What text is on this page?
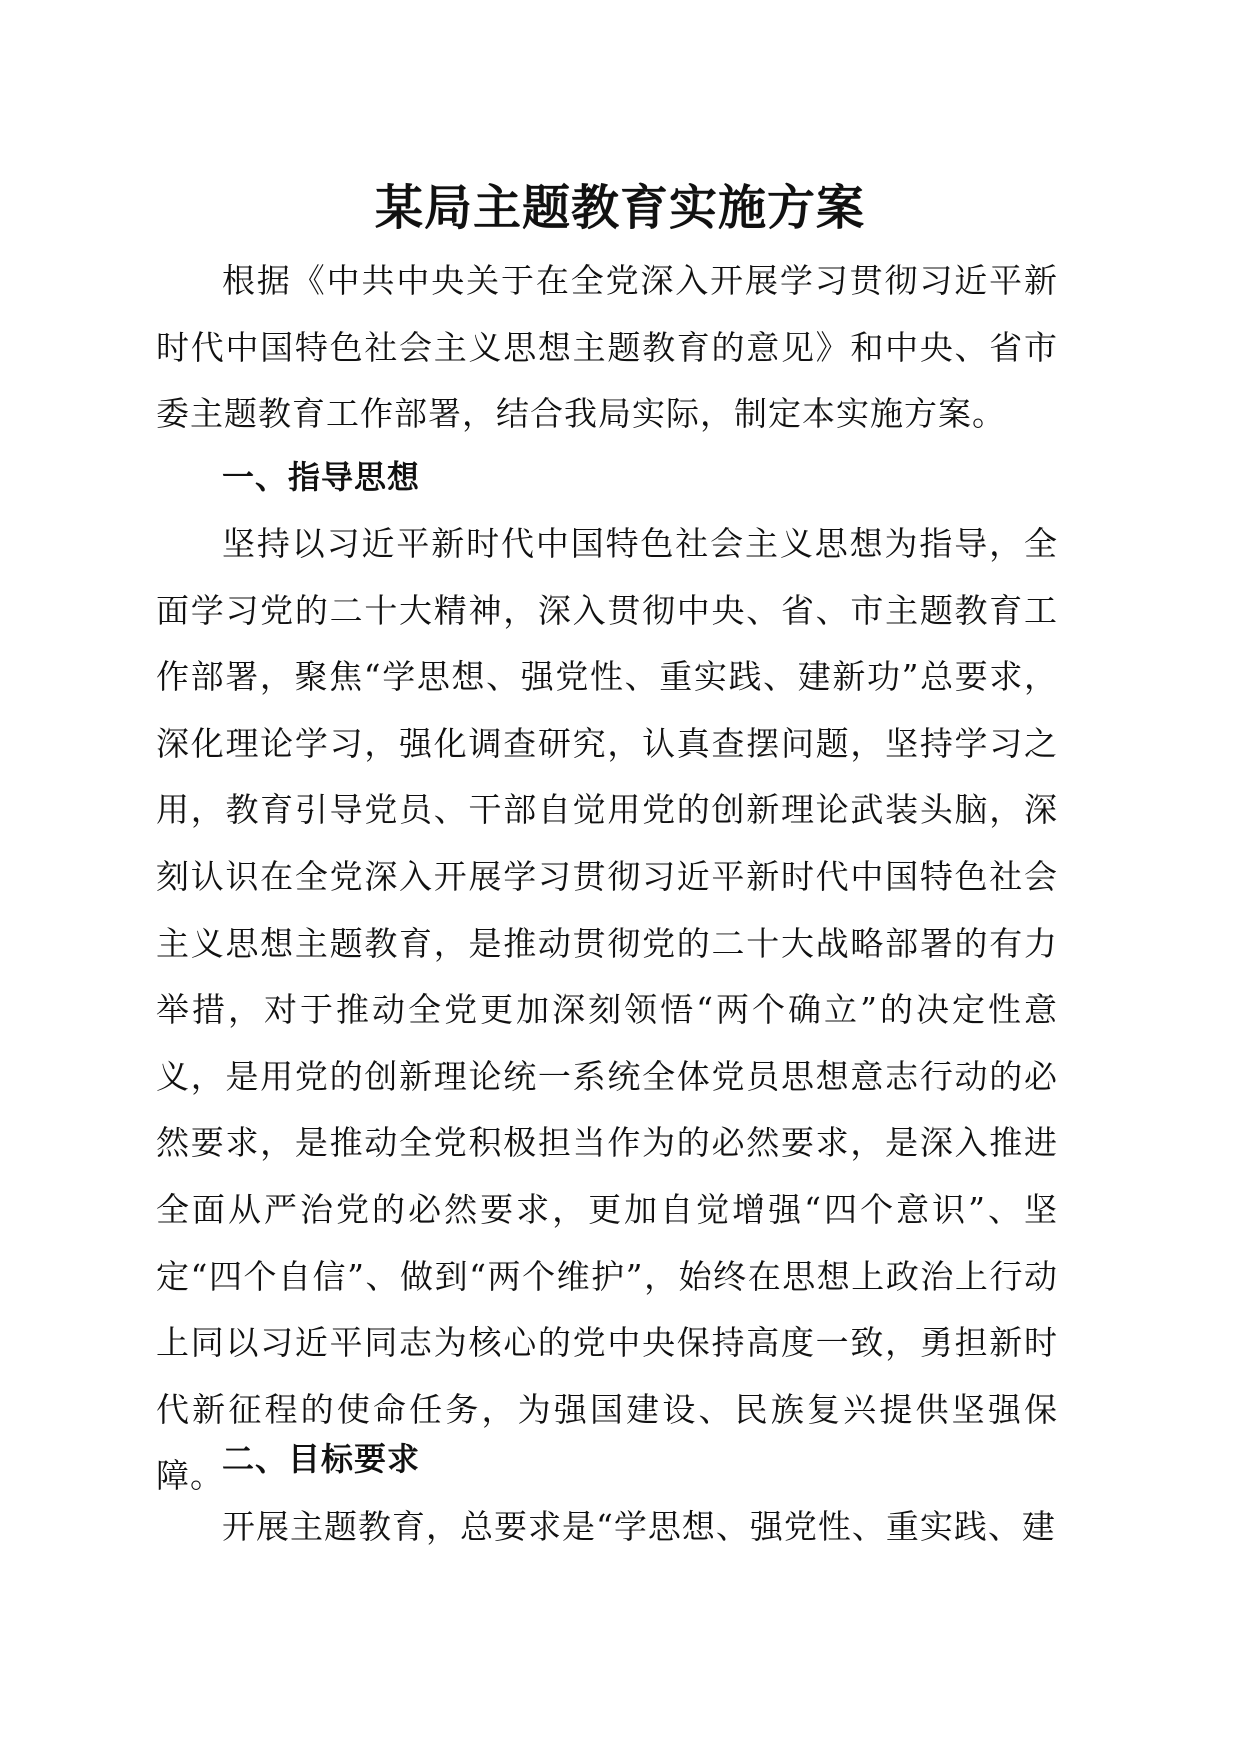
某局主题教育实施方案
根据《中共中央关于在全党深入开展学习贯彻习近平新时代中国特色社会主义思想主题教育的意见》和中央、省市委主题教育工作部署，结合我局实际，制定本实施方案。
一、指导思想
坚持以习近平新时代中国特色社会主义思想为指导，全面学习党的二十大精神，深入贯彻中央、省、市主题教育工作部署，聚焦“学思想、强党性、重实践、建新功”总要求，深化理论学习，强化调查研究，认真查摆问题，坚持学习之用，教育引导党员、干部自觉用党的创新理论武装头脑，深刻认识在全党深入开展学习贯彻习近平新时代中国特色社会主义思想主题教育，是推动贯彻党的二十大战略部署的有力举措，对于推动全党更加深刻领悟“两个确立”的决定性意义，是用党的创新理论统一系统全体党员思想意志行动的必然要求，是推动全党积极担当作为的必然要求，是深入推进全面从严治党的必然要求，更加自觉增强“四个意识”、坚定“四个自信”、做到“两个维护”，始终在思想上政治上行动上同以习近平同志为核心的党中央保持高度一致，勇担新时代新征程的使命任务，为强国建设、民族复兴提供坚强保障。
二、目标要求
开展主题教育，总要求是“学思想、强党性、重实践、建
